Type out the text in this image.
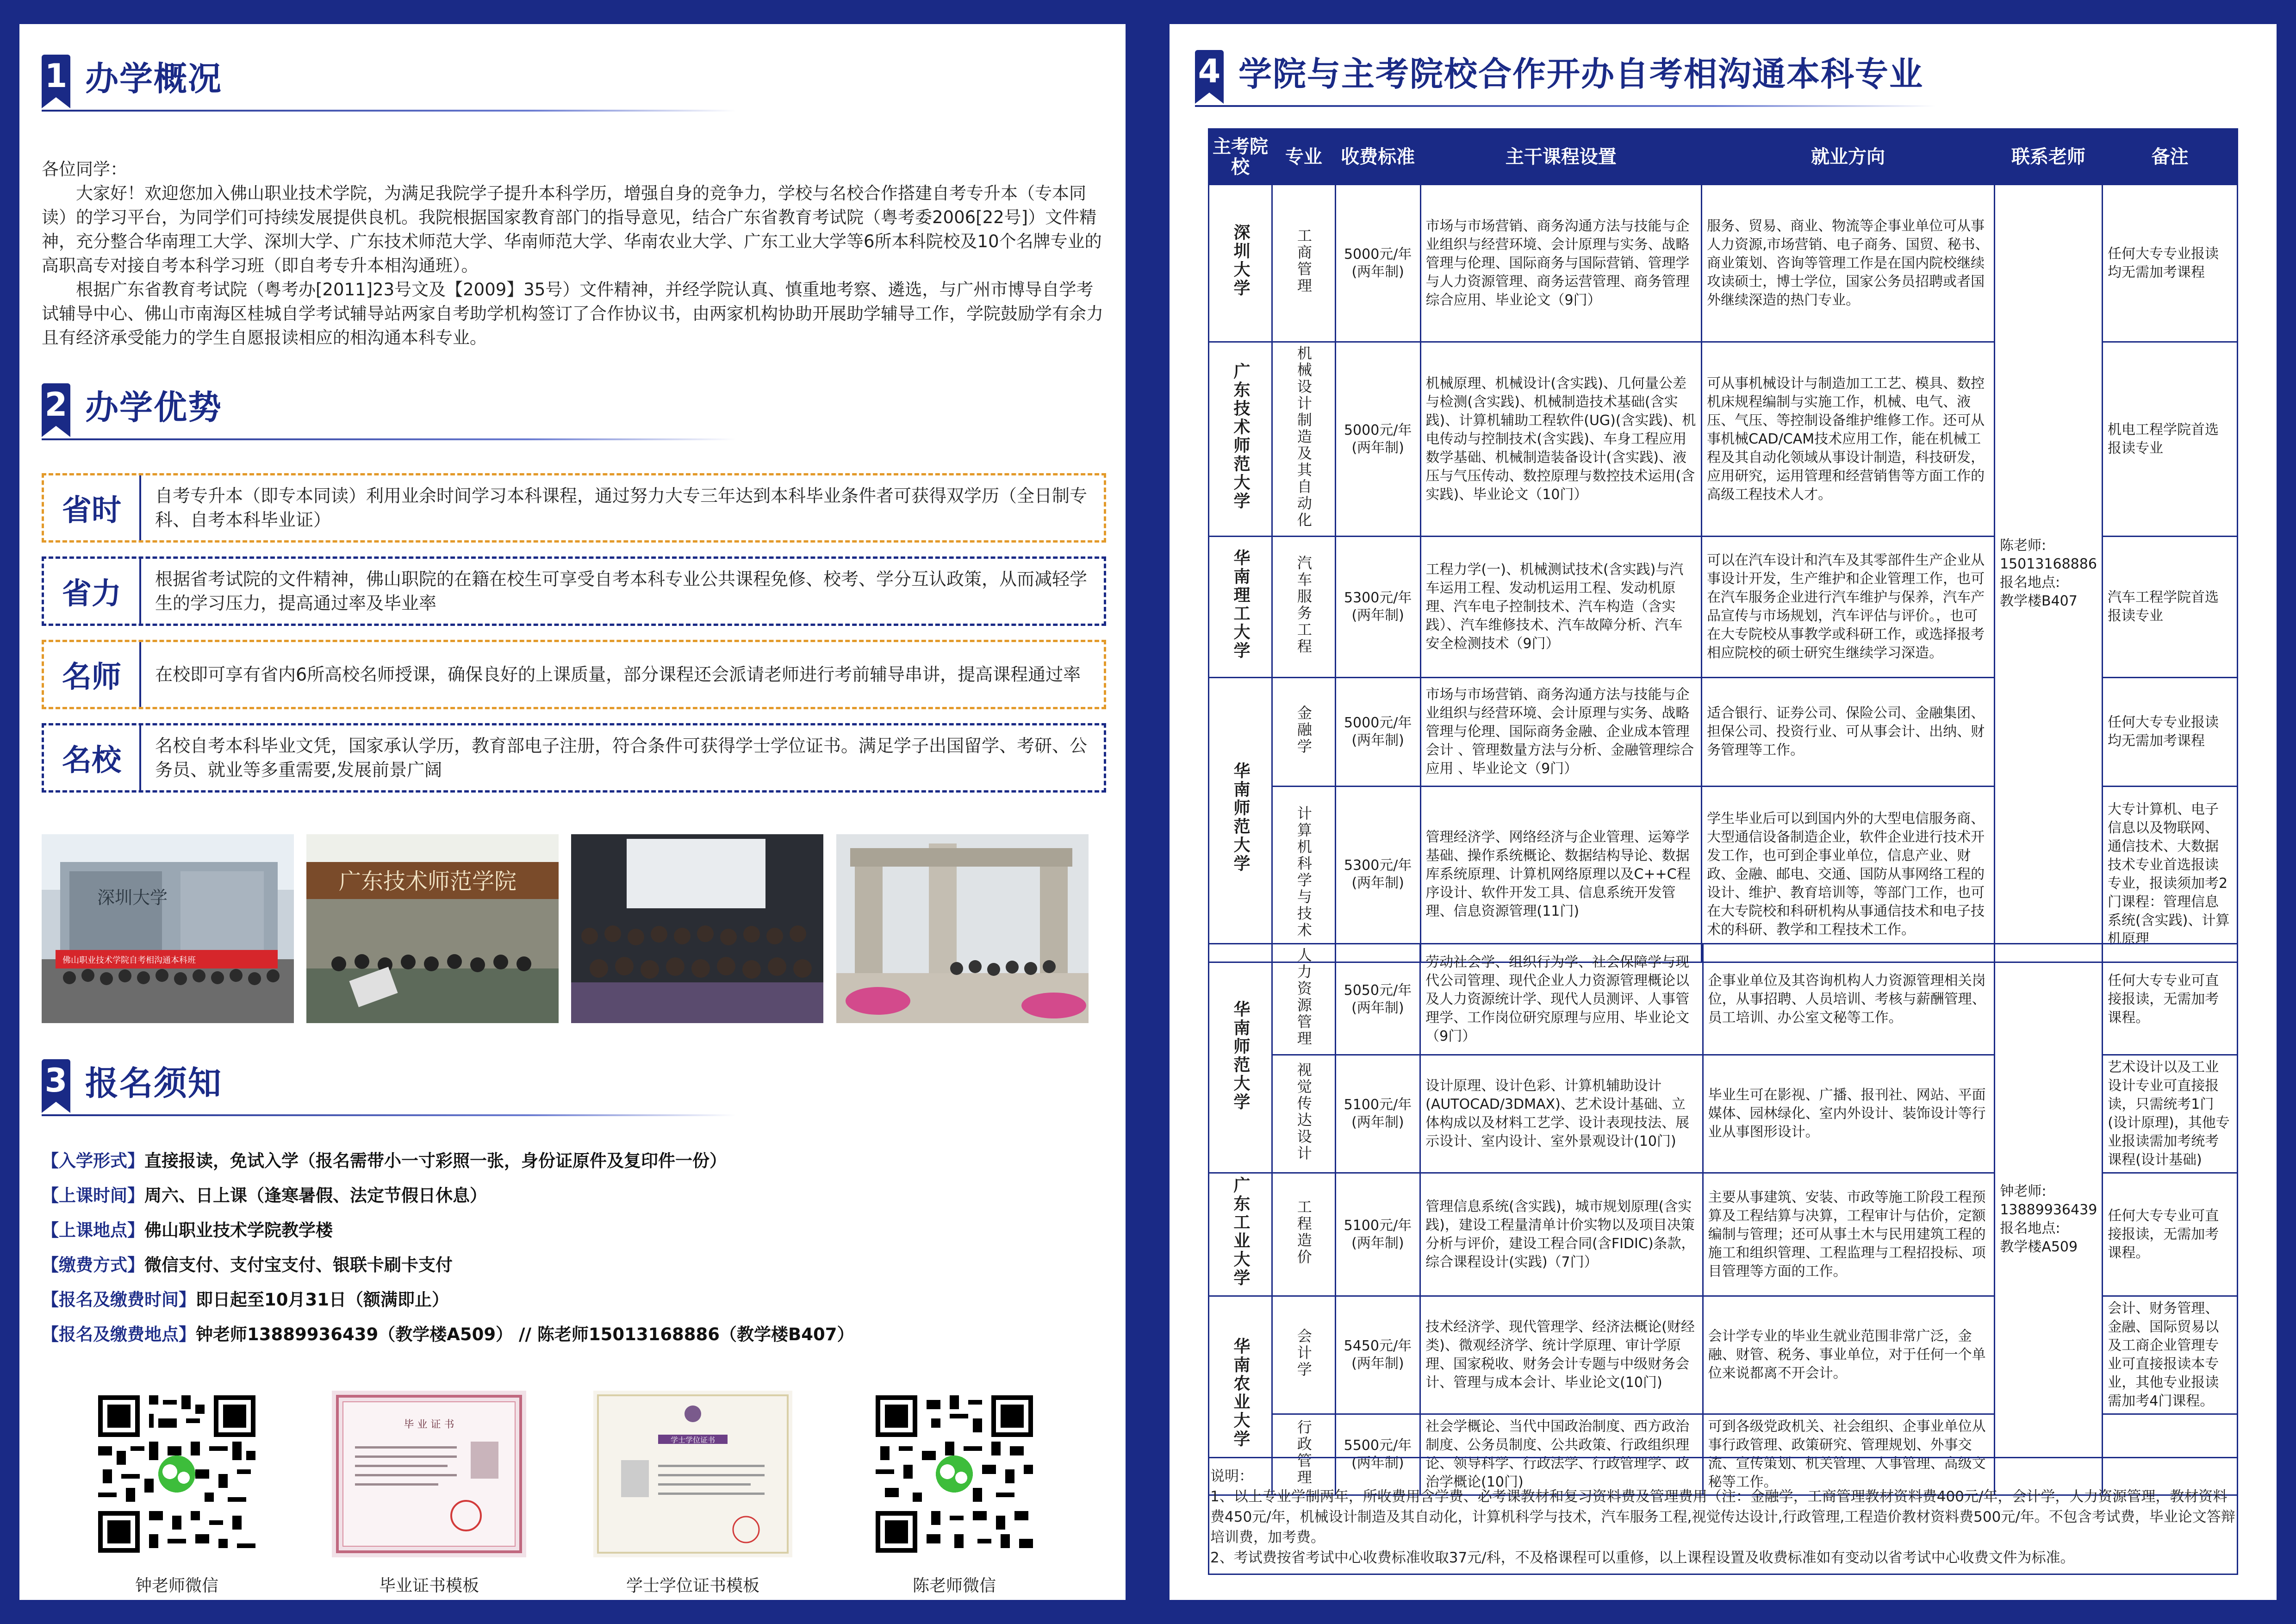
1 办学概况

各位同学：

大家好！欢迎您加入佛山职业技术学院，为满足我院学子提升本科学历，增强自身的竞争力，学校与名校合作搭建自考专升本（专本同读）的学习平台，为同学们可持续发展提供良机。我院根据国家教育部门的指导意见，结合广东省教育考试院（粤考委2006[22号]）文件精神，充分整合华南理工大学、深圳大学、广东技术师范大学、华南师范大学、华南农业大学、广东工业大学等6所本科院校及10个名牌专业的高职高专对接自考本科学习班（即自考专升本相沟通班）。

根据广东省教育考试院（粤考办[2011]23号文及【2009】35号）文件精神，并经学院认真、慎重地考察、遴选，与广州市博导自学考试辅导中心、佛山市南海区桂城自学考试辅导站两家自考助学机构签订了合作协议书，由两家机构协助开展助学辅导工作，学院鼓励学有余力且有经济承受能力的学生自愿报读相应的相沟通本科专业。

2 办学优势
省时	自考专升本（即专本同读）利用业余时间学习本科课程，通过努力大专三年达到本科毕业条件者可获得双学历（全日制专科、自考本科毕业证）
省力	根据省考试院的文件精神，佛山职院的在籍在校生可享受自考本科专业公共课程免修、校考、学分互认政策，从而减轻学生的学习压力，提高通过率及毕业率
名师	在校即可享有省内6所高校名师授课，确保良好的上课质量，部分课程还会派请老师进行考前辅导串讲，提高课程通过率
名校	名校自考本科毕业文凭，国家承认学历，教育部电子注册，符合条件可获得学士学位证书。满足学子出国留学、考研、公务员、就业等多重需要,发展前景广阔
深圳大学
佛山职业技术学院自考相沟通本科班
广东技术师范学院
3 报名须知
【入学形式】直接报读，免试入学（报名需带小一寸彩照一张，身份证原件及复印件一份）
【上课时间】周六、日上课（逢寒暑假、法定节假日休息）
【上课地点】佛山职业技术学院教学楼
【缴费方式】微信支付、支付宝支付、银联卡刷卡支付
【报名及缴费时间】即日起至10月31日（额满即止）
【报名及缴费地点】钟老师13889936439（教学楼A509） // 陈老师15013168886（教学楼B407）
毕 业 证 书
学士学位证书
钟老师微信	毕业证书模板	学士学位证书模板	陈老师微信
4 学院与主考院校合作开办自考相沟通本科专业
主考院校	专业	收费标准	主干课程设置	就业方向	联系老师	备注
深圳大学	工商管理	5000元/年
(两年制)	市场与市场营销、商务沟通方法与技能与企业组织与经营环境、会计原理与实务、战略管理与伦理、国际商务与国际营销、管理学与人力资源管理、商务运营管理、商务管理综合应用、毕业论文（9门）	服务、贸易、商业、物流等企事业单位可从事人力资源,市场营销、电子商务、国贸、秘书、商业策划、咨询等管理工作是在国内院校继续攻读硕士，博士学位，国家公务员招聘或者国外继续深造的热门专业。	陈老师:
15013168886
报名地点:
教学楼B407	任何大专专业报读均无需加考课程
广东技术师范大学	机械设计制造及其自动化	5000元/年
(两年制)	机械原理、机械设计(含实践)、几何量公差与检测(含实践)、机械制造技术基础(含实践)、计算机辅助工程软件(UG)(含实践)、机电传动与控制技术(含实践)、车身工程应用数学基础、机械制造装备设计(含实践)、液压与气压传动、数控原理与数控技术运用(含实践)、毕业论文（10门）	可从事机械设计与制造加工工艺、模具、数控机床规程编制与实施工作，机械、电气、液压、气压、等控制设备维护维修工作。还可从事机械CAD/CAM技术应用工作，能在机械工程及其自动化领域从事设计制造，科技研发，应用研究，运用管理和经营销售等方面工作的高级工程技术人才。		机电工程学院首选报读专业
华南理工大学	汽车服务工程	5300元/年
(两年制)	工程力学(一)、机械测试技术(含实践)与汽车运用工程、发动机运用工程、发动机原理、汽车电子控制技术、汽车构造（含实践）、汽车维修技术、汽车故障分析、汽车安全检测技术（9门）	可以在汽车设计和汽车及其零部件生产企业从事设计开发，生产维护和企业管理工作，也可在汽车服务企业进行汽车维护与保养，汽车产品宣传与市场规划，汽车评估与评价。，也可在大专院校从事教学或科研工作，或选择报考相应院校的硕士研究生继续学习深造。		汽车工程学院首选报读专业
华南师范大学	金融学	5000元/年
(两年制)	市场与市场营销、商务沟通方法与技能与企业组织与经营环境、会计原理与实务、战略管理与伦理、国际商务金融、企业成本管理会计 、管理数量方法与分析、金融管理综合应用 、毕业论文（9门）	适合银行、证券公司、保险公司、金融集团、担保公司、投资行业、可从事会计、出纳、财务管理等工作。		任何大专专业报读均无需加考课程
	计算机科学与技术	5300元/年
(两年制)	管理经济学、网络经济与企业管理、运筹学基础、操作系统概论、数据结构导论、数据库系统原理、计算机网络原理以及C++C程序设计、软件开发工具、信息系统开发管理、信息资源管理(11门)	学生毕业后可以到国内外的大型电信服务商、大型通信设备制造企业，软件企业进行技术开发工作，也可到企事业单位，信息产业、财政、金融、邮电、交通、国防从事网络工程的设计、维护、教育培训等，等部门工作，也可在大专院校和科研机构从事通信技术和电子技术的科研、教学和工程技术工作。		大专计算机、电子信息以及物联网、通信技术、大数据技术专业首选报读专业，报读须加考2门课程：管理信息系统(含实践)、计算机原理
华南师范大学	人力资源管理	5050元/年
(两年制)	劳动社会学、组织行为学、社会保障学与现代公司管理、现代企业人力资源管理概论以及人力资源统计学、现代人员测评、人事管理学、工作岗位研究原理与应用、毕业论文（9门）	企事业单位及其咨询机构人力资源管理相关岗位，从事招聘、人员培训、考核与薪酬管理、员工培训、办公室文秘等工作。	钟老师:
13889936439
报名地点:
教学楼A509	任何大专专业可直接报读，无需加考课程。
	视觉传达设计	5100元/年
(两年制)	设计原理、设计色彩、计算机辅助设计(AUTOCAD/3DMAX)、艺术设计基础、立体构成以及材料工艺学、设计表现技法、展示设计、室内设计、室外景观设计(10门)	毕业生可在影视、广播、报刊社、网站、平面媒体、园林绿化、室内外设计、装饰设计等行业从事图形设计。		艺术设计以及工业设计专业可直接报读，只需统考1门(设计原理)，其他专业报读需加考统考课程(设计基础)
广东工业大学	工程造价	5100元/年
(两年制)	管理信息系统(含实践)，城市规划原理(含实践)，建设工程量清单计价实物以及项目决策分析与评价，建设工程合同(含FIDIC)条款，综合课程设计(实践)（7门）	主要从事建筑、安装、市政等施工阶段工程预算及工程结算与决算，工程审计与估价，定额编制与管理；还可从事土木与民用建筑工程的施工和组织管理、工程监理与工程招投标、项目管理等方面的工作。		任何大专专业可直接报读，无需加考课程。
华南农业大学	会计学	5450元/年
(两年制)	技术经济学、现代管理学、经济法概论(财经类)、微观经济学、统计学原理、审计学原理、国家税收、财务会计专题与中级财务会计、管理与成本会计、毕业论文(10门)	会计学专业的毕业生就业范围非常广泛，金融、财管、税务、事业单位，对于任何一个单位来说都离不开会计。		会计、财务管理、金融、国际贸易以及工商企业管理专业可直接报读本专业，其他专业报读需加考4门课程。
	行政管理	5500元/年
(两年制)	社会学概论、当代中国政治制度、西方政治制度、公务员制度、公共政策、行政组织理论、领导科学、行政法学、行政管理学、政治学概论(10门)	可到各级党政机关、社会组织、企事业单位从事行政管理、政策研究、管理规划、外事交流、宣传策划、机关管理、人事管理、高级文秘等工作。		
说明：
1、以上专业学制两年，所收费用含学费、必考课教材和复习资料费及管理费用（注：金融学，工商管理教材资料费400元/年，会计学，人力资源管理，教材资料费450元/年，机械设计制造及其自动化，计算机科学与技术，汽车服务工程,视觉传达设计,行政管理,工程造价教材资料费500元/年。不包含考试费，毕业论文答辩培训费，加考费。
2、考试费按省考试中心收费标准收取37元/科，不及格课程可以重修，以上课程设置及收费标准如有变动以省考试中心收费文件为标准。
